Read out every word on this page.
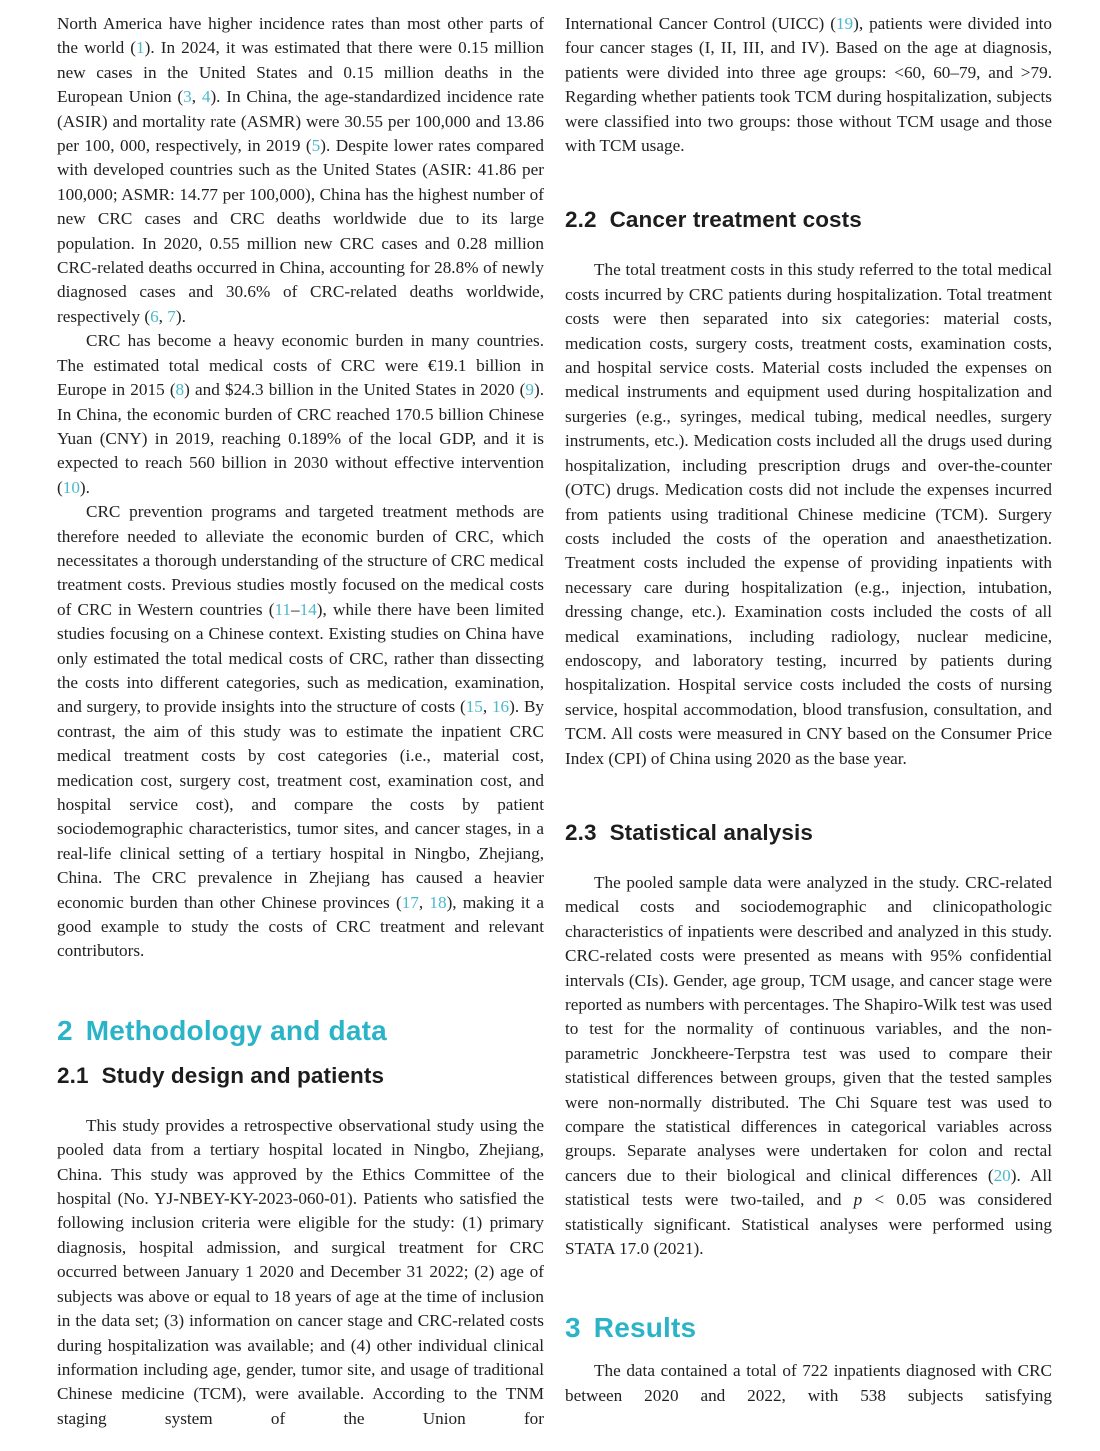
North America have higher incidence rates than most other parts of the world (1). In 2024, it was estimated that there were 0.15 million new cases in the United States and 0.15 million deaths in the European Union (3, 4). In China, the age-standardized incidence rate (ASIR) and mortality rate (ASMR) were 30.55 per 100,000 and 13.86 per 100, 000, respectively, in 2019 (5). Despite lower rates compared with developed countries such as the United States (ASIR: 41.86 per 100,000; ASMR: 14.77 per 100,000), China has the highest number of new CRC cases and CRC deaths worldwide due to its large population. In 2020, 0.55 million new CRC cases and 0.28 million CRC-related deaths occurred in China, accounting for 28.8% of newly diagnosed cases and 30.6% of CRC-related deaths worldwide, respectively (6, 7).

CRC has become a heavy economic burden in many countries. The estimated total medical costs of CRC were €19.1 billion in Europe in 2015 (8) and $24.3 billion in the United States in 2020 (9). In China, the economic burden of CRC reached 170.5 billion Chinese Yuan (CNY) in 2019, reaching 0.189% of the local GDP, and it is expected to reach 560 billion in 2030 without effective intervention (10).

CRC prevention programs and targeted treatment methods are therefore needed to alleviate the economic burden of CRC, which necessitates a thorough understanding of the structure of CRC medical treatment costs. Previous studies mostly focused on the medical costs of CRC in Western countries (11–14), while there have been limited studies focusing on a Chinese context. Existing studies on China have only estimated the total medical costs of CRC, rather than dissecting the costs into different categories, such as medication, examination, and surgery, to provide insights into the structure of costs (15, 16). By contrast, the aim of this study was to estimate the inpatient CRC medical treatment costs by cost categories (i.e., material cost, medication cost, surgery cost, treatment cost, examination cost, and hospital service cost), and compare the costs by patient sociodemographic characteristics, tumor sites, and cancer stages, in a real-life clinical setting of a tertiary hospital in Ningbo, Zhejiang, China. The CRC prevalence in Zhejiang has caused a heavier economic burden than other Chinese provinces (17, 18), making it a good example to study the costs of CRC treatment and relevant contributors.

2 Methodology and data
2.1 Study design and patients

This study provides a retrospective observational study using the pooled data from a tertiary hospital located in Ningbo, Zhejiang, China. This study was approved by the Ethics Committee of the hospital (No. YJ-NBEY-KY-2023-060-01). Patients who satisfied the following inclusion criteria were eligible for the study: (1) primary diagnosis, hospital admission, and surgical treatment for CRC occurred between January 1 2020 and December 31 2022; (2) age of subjects was above or equal to 18 years of age at the time of inclusion in the data set; (3) information on cancer stage and CRC-related costs during hospitalization was available; and (4) other individual clinical information including age, gender, tumor site, and usage of traditional Chinese medicine (TCM), were available. According to the TNM staging system of the Union for

International Cancer Control (UICC) (19), patients were divided into four cancer stages (I, II, III, and IV). Based on the age at diagnosis, patients were divided into three age groups: <60, 60–79, and >79. Regarding whether patients took TCM during hospitalization, subjects were classified into two groups: those without TCM usage and those with TCM usage.

2.2 Cancer treatment costs

The total treatment costs in this study referred to the total medical costs incurred by CRC patients during hospitalization. Total treatment costs were then separated into six categories: material costs, medication costs, surgery costs, treatment costs, examination costs, and hospital service costs. Material costs included the expenses on medical instruments and equipment used during hospitalization and surgeries (e.g., syringes, medical tubing, medical needles, surgery instruments, etc.). Medication costs included all the drugs used during hospitalization, including prescription drugs and over-the-counter (OTC) drugs. Medication costs did not include the expenses incurred from patients using traditional Chinese medicine (TCM). Surgery costs included the costs of the operation and anaesthetization. Treatment costs included the expense of providing inpatients with necessary care during hospitalization (e.g., injection, intubation, dressing change, etc.). Examination costs included the costs of all medical examinations, including radiology, nuclear medicine, endoscopy, and laboratory testing, incurred by patients during hospitalization. Hospital service costs included the costs of nursing service, hospital accommodation, blood transfusion, consultation, and TCM. All costs were measured in CNY based on the Consumer Price Index (CPI) of China using 2020 as the base year.

2.3 Statistical analysis

The pooled sample data were analyzed in the study. CRC-related medical costs and sociodemographic and clinicopathologic characteristics of inpatients were described and analyzed in this study. CRC-related costs were presented as means with 95% confidential intervals (CIs). Gender, age group, TCM usage, and cancer stage were reported as numbers with percentages. The Shapiro-Wilk test was used to test for the normality of continuous variables, and the non-parametric Jonckheere-Terpstra test was used to compare their statistical differences between groups, given that the tested samples were non-normally distributed. The Chi Square test was used to compare the statistical differences in categorical variables across groups. Separate analyses were undertaken for colon and rectal cancers due to their biological and clinical differences (20). All statistical tests were two-tailed, and p < 0.05 was considered statistically significant. Statistical analyses were performed using STATA 17.0 (2021).

3 Results

The data contained a total of 722 inpatients diagnosed with CRC between 2020 and 2022, with 538 subjects satisfying
